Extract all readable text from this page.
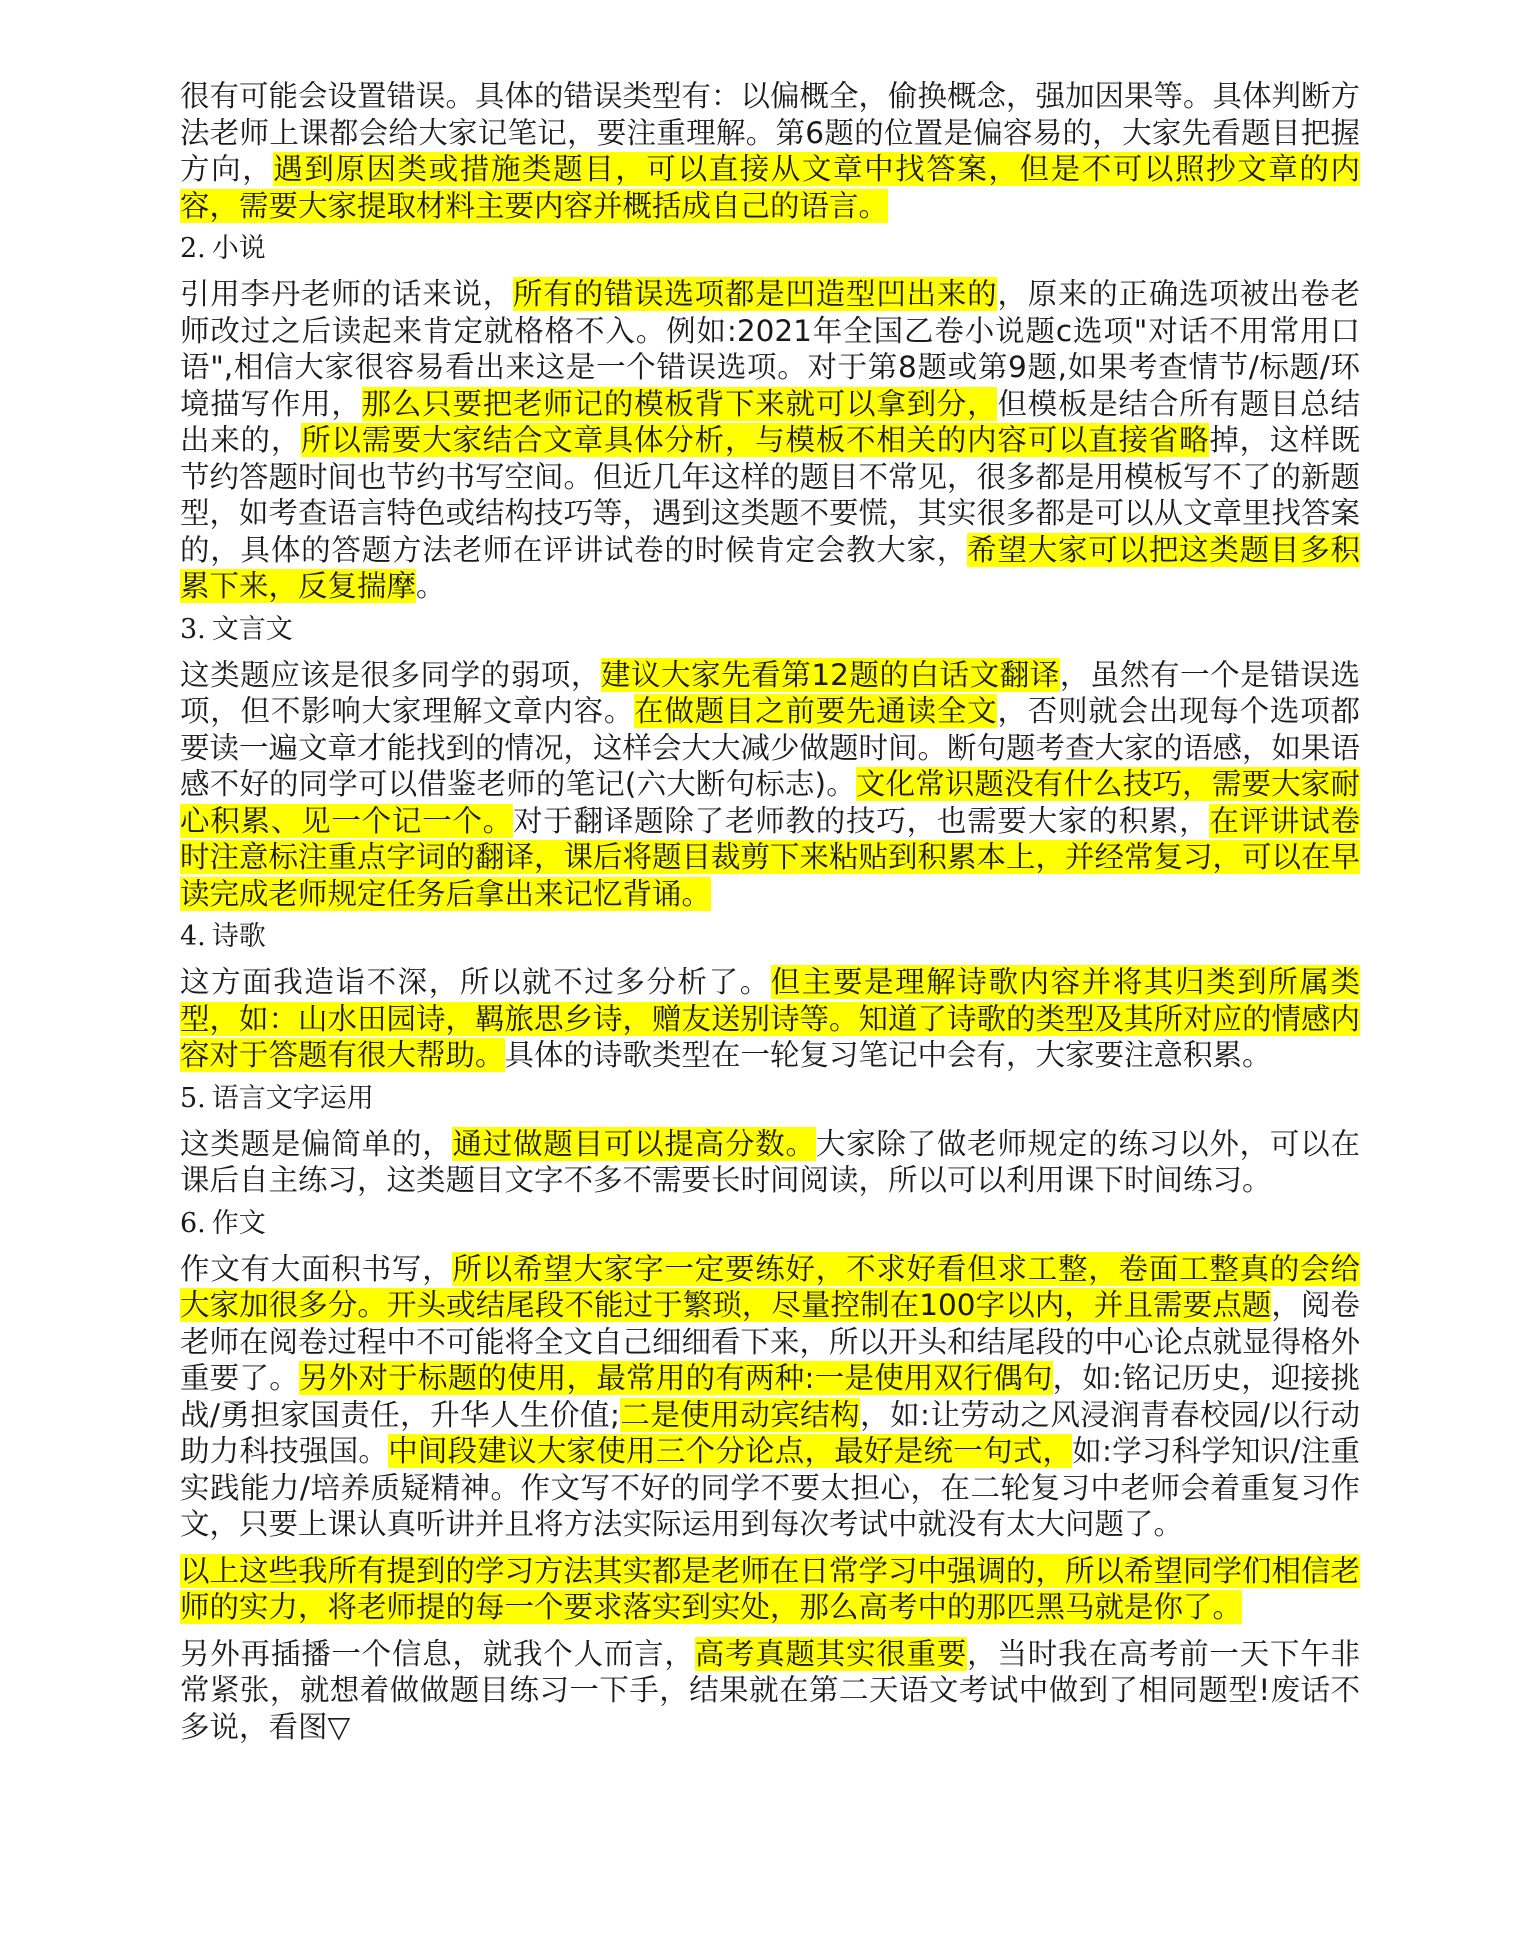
很有可能会设置错误。具体的错误类型有：以偏概全，偷换概念，强加因果等。具体判断方法老师上课都会给大家记笔记，要注重理解。第6题的位置是偏容易的，大家先看题目把握方向，遇到原因类或措施类题目，可以直接从文章中找答案，但是不可以照抄文章的内容，需要大家提取材料主要内容并概括成自己的语言。

2. 小说

引用李丹老师的话来说，所有的错误选项都是凹造型凹出来的，原来的正确选项被出卷老师改过之后读起来肯定就格格不入。例如:2021年全国乙卷小说题c选项"对话不用常用口语",相信大家很容易看出来这是一个错误选项。对于第8题或第9题,如果考查情节/标题/环境描写作用，那么只要把老师记的模板背下来就可以拿到分，但模板是结合所有题目总结出来的，所以需要大家结合文章具体分析，与模板不相关的内容可以直接省略掉，这样既节约答题时间也节约书写空间。但近几年这样的题目不常见，很多都是用模板写不了的新题型，如考查语言特色或结构技巧等，遇到这类题不要慌，其实很多都是可以从文章里找答案的，具体的答题方法老师在评讲试卷的时候肯定会教大家，希望大家可以把这类题目多积累下来，反复揣摩。

3. 文言文

这类题应该是很多同学的弱项，建议大家先看第12题的白话文翻译，虽然有一个是错误选项，但不影响大家理解文章内容。在做题目之前要先通读全文，否则就会出现每个选项都要读一遍文章才能找到的情况，这样会大大减少做题时间。断句题考查大家的语感，如果语感不好的同学可以借鉴老师的笔记(六大断句标志)。文化常识题没有什么技巧，需要大家耐心积累、见一个记一个。对于翻译题除了老师教的技巧，也需要大家的积累，在评讲试卷时注意标注重点字词的翻译，课后将题目裁剪下来粘贴到积累本上，并经常复习，可以在早读完成老师规定任务后拿出来记忆背诵。

4. 诗歌

这方面我造诣不深，所以就不过多分析了。但主要是理解诗歌内容并将其归类到所属类型，如：山水田园诗，羁旅思乡诗，赠友送别诗等。知道了诗歌的类型及其所对应的情感内容对于答题有很大帮助。具体的诗歌类型在一轮复习笔记中会有，大家要注意积累。

5. 语言文字运用

这类题是偏简单的，通过做题目可以提高分数。大家除了做老师规定的练习以外，可以在课后自主练习，这类题目文字不多不需要长时间阅读，所以可以利用课下时间练习。

6. 作文

作文有大面积书写，所以希望大家字一定要练好，不求好看但求工整，卷面工整真的会给大家加很多分。开头或结尾段不能过于繁琐，尽量控制在100字以内，并且需要点题，阅卷老师在阅卷过程中不可能将全文自己细细看下来，所以开头和结尾段的中心论点就显得格外重要了。另外对于标题的使用，最常用的有两种:一是使用双行偶句，如:铭记历史，迎接挑战/勇担家国责任，升华人生价值;二是使用动宾结构，如:让劳动之风浸润青春校园/以行动助力科技强国。中间段建议大家使用三个分论点，最好是统一句式，如:学习科学知识/注重实践能力/培养质疑精神。作文写不好的同学不要太担心，在二轮复习中老师会着重复习作文，只要上课认真听讲并且将方法实际运用到每次考试中就没有太大问题了。

以上这些我所有提到的学习方法其实都是老师在日常学习中强调的，所以希望同学们相信老师的实力，将老师提的每一个要求落实到实处，那么高考中的那匹黑马就是你了。

另外再插播一个信息，就我个人而言，高考真题其实很重要，当时我在高考前一天下午非常紧张，就想着做做题目练习一下手，结果就在第二天语文考试中做到了相同题型!废话不多说，看图▽
